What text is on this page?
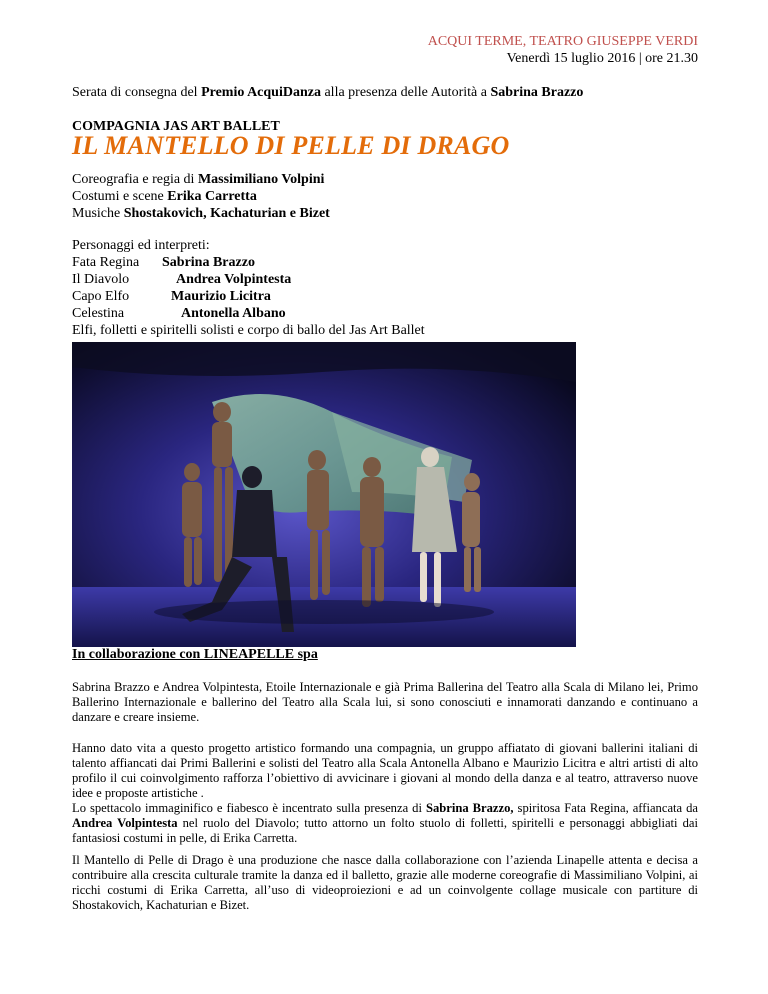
ACQUI TERME, TEATRO GIUSEPPE VERDI
Venerdì 15 luglio 2016 | ore 21.30
Serata di consegna del Premio AcquiDanza alla presenza delle Autorità a Sabrina Brazzo
COMPAGNIA JAS ART BALLET
IL MANTELLO DI PELLE DI DRAGO
Coreografia e regia di Massimiliano Volpini
Costumi e scene Erika Carretta
Musiche Shostakovich, Kachaturian e Bizet
Personaggi ed interpreti:
Fata Regina Sabrina Brazzo
Il Diavolo	Andrea Volpintesta
Capo Elfo	Maurizio Licitra
Celestina	Antonella Albano
Elfi, folletti e spiritelli solisti e corpo di ballo del Jas Art Ballet
In collaborazione con LINEAPELLE spa
Sabrina Brazzo e Andrea Volpintesta, Etoile Internazionale e già Prima Ballerina del Teatro alla Scala di Milano lei, Primo Ballerino Internazionale e ballerino del Teatro alla Scala lui, si sono conosciuti e innamorati danzando e continuano a danzare e creare insieme.
Hanno dato vita a questo progetto artistico formando una compagnia, un gruppo affiatato di giovani ballerini italiani di talento affiancati dai Primi Ballerini e solisti del Teatro alla Scala Antonella Albano e Maurizio Licitra e altri artisti di alto profilo il cui coinvolgimento rafforza l’obiettivo di avvicinare i giovani al mondo della danza e al teatro, attraverso nuove idee e proposte artistiche .
Lo spettacolo immaginifico e fiabesco è incentrato sulla presenza di Sabrina Brazzo, spiritosa Fata Regina, affiancata da Andrea Volpintesta nel ruolo del Diavolo; tutto attorno un folto stuolo di folletti, spiritelli e personaggi abbigliati dai fantasiosi costumi in pelle, di Erika Carretta.
Il Mantello di Pelle di Drago è una produzione che nasce dalla collaborazione con l’azienda Linapelle attenta e decisa a contribuire alla crescita culturale tramite la danza ed il balletto, grazie alle moderne coreografie di Massimiliano Volpini, ai ricchi costumi di Erika Carretta, all’uso di videoproiezioni e ad un coinvolgente collage musicale con partiture di Shostakovich, Kachaturian e Bizet.
